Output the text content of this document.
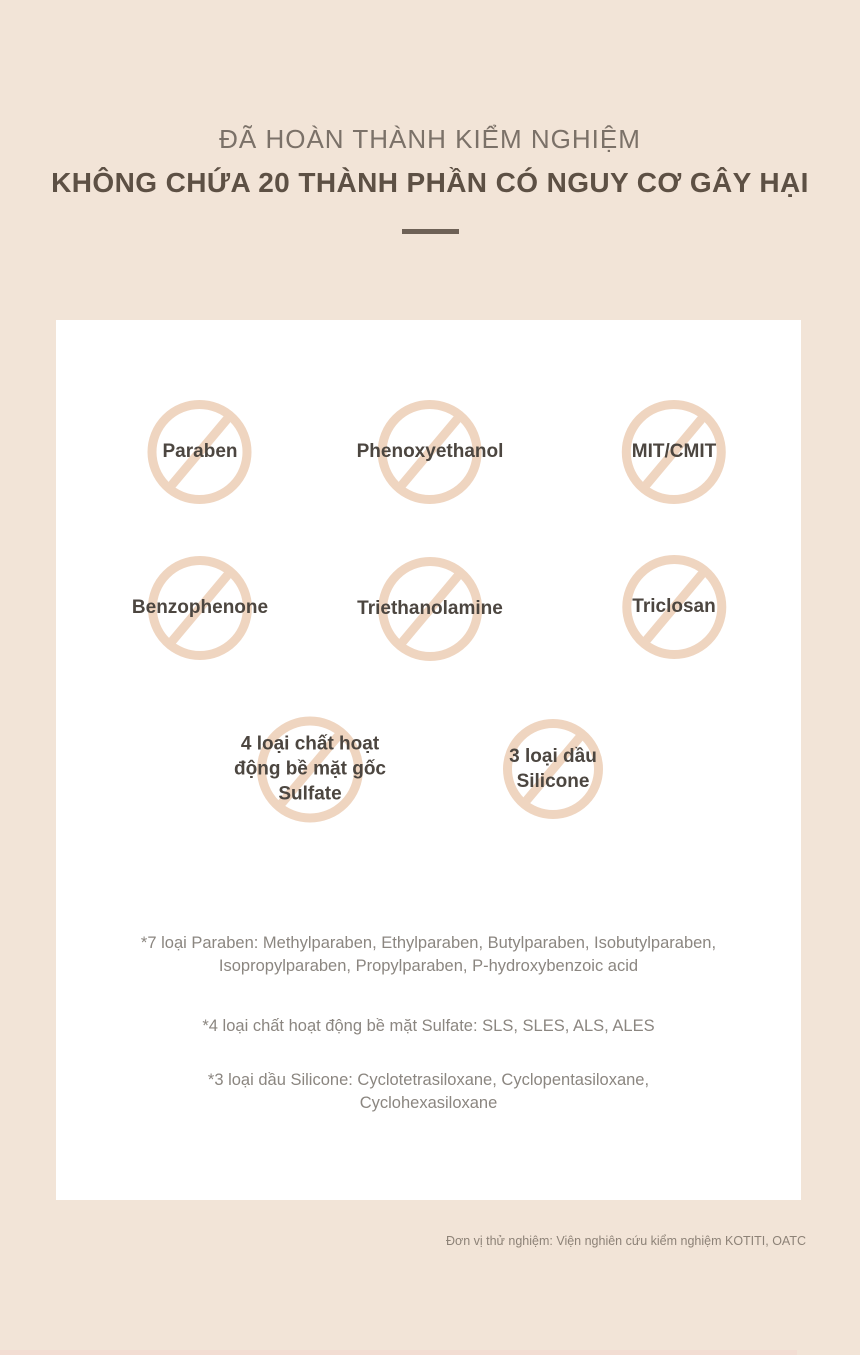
ĐÃ HOÀN THÀNH KIỂM NGHIỆM
KHÔNG CHỨA 20 THÀNH PHẦN CÓ NGUY CƠ GÂY HẠI
Paraben	Phenoxyethanol	MIT/CMIT
Benzophenone	Triethanolamine	Triclosan
4 loại chất hoạt động bề mặt gốc Sulfate
3 loại dầu Silicone

*7 loại Paraben: Methylparaben, Ethylparaben, Butylparaben, Isobutylparaben, Isopropylparaben, Propylparaben, P-hydroxybenzoic acid

*4 loại chất hoạt động bề mặt Sulfate: SLS, SLES, ALS, ALES

*3 loại dầu Silicone: Cyclotetrasiloxane, Cyclopentasiloxane, Cyclohexasiloxane

Đơn vị thử nghiệm: Viện nghiên cứu kiểm nghiệm KOTITI, OATC
